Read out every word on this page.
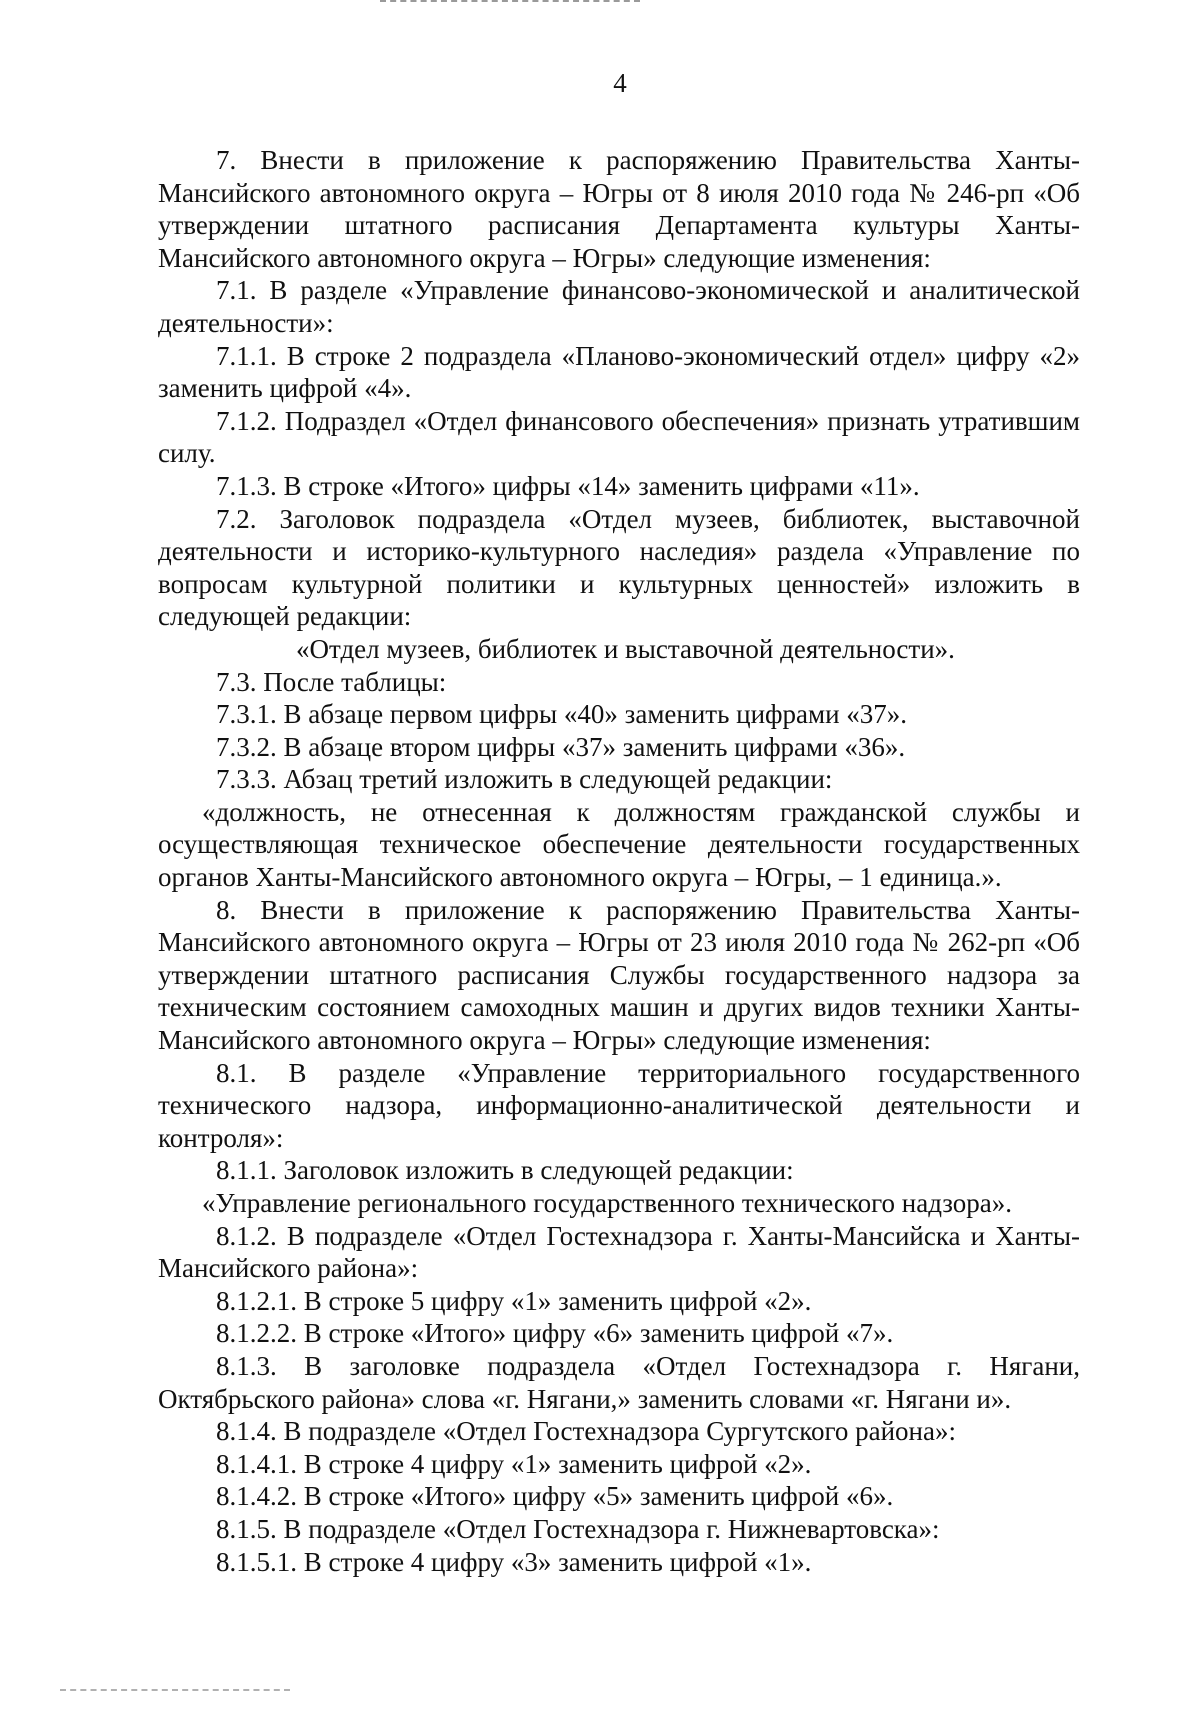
4

7. Внести в приложение к распоряжению Правительства Ханты-Мансийского автономного округа – Югры от 8 июля 2010 года № 246-рп «Об утверждении штатного расписания Департамента культуры Ханты-Мансийского автономного округа – Югры» следующие изменения:

7.1. В разделе «Управление финансово-экономической и аналитической деятельности»:

7.1.1. В строке 2 подраздела «Планово-экономический отдел» цифру «2» заменить цифрой «4».

7.1.2. Подраздел «Отдел финансового обеспечения» признать утратившим силу.

7.1.3. В строке «Итого» цифры «14» заменить цифрами «11».

7.2. Заголовок подраздела «Отдел музеев, библиотек, выставочной деятельности и историко-культурного наследия» раздела «Управление по вопросам культурной политики и культурных ценностей» изложить в следующей редакции:

«Отдел музеев, библиотек и выставочной деятельности».

7.3. После таблицы:

7.3.1. В абзаце первом цифры «40» заменить цифрами «37».

7.3.2. В абзаце втором цифры «37» заменить цифрами «36».

7.3.3. Абзац третий изложить в следующей редакции:

«должность, не отнесенная к должностям гражданской службы и осуществляющая техническое обеспечение деятельности государственных органов Ханты-Мансийского автономного округа – Югры, – 1 единица.».

8. Внести в приложение к распоряжению Правительства Ханты-Мансийского автономного округа – Югры от 23 июля 2010 года № 262-рп «Об утверждении штатного расписания Службы государственного надзора за техническим состоянием самоходных машин и других видов техники Ханты-Мансийского автономного округа – Югры» следующие изменения:

8.1. В разделе «Управление территориального государственного технического надзора, информационно-аналитической деятельности и контроля»:

8.1.1. Заголовок изложить в следующей редакции:

«Управление регионального государственного технического надзора».

8.1.2. В подразделе «Отдел Гостехнадзора г. Ханты-Мансийска и Ханты-Мансийского района»:

8.1.2.1. В строке 5 цифру «1» заменить цифрой «2».

8.1.2.2. В строке «Итого» цифру «6» заменить цифрой «7».

8.1.3. В заголовке подраздела «Отдел Гостехнадзора г. Нягани, Октябрьского района» слова «г. Нягани,» заменить словами «г. Нягани и».

8.1.4. В подразделе «Отдел Гостехнадзора Сургутского района»:

8.1.4.1. В строке 4 цифру «1» заменить цифрой «2».

8.1.4.2. В строке «Итого» цифру «5» заменить цифрой «6».

8.1.5. В подразделе «Отдел Гостехнадзора г. Нижневартовска»:

8.1.5.1. В строке 4 цифру «3» заменить цифрой «1».
